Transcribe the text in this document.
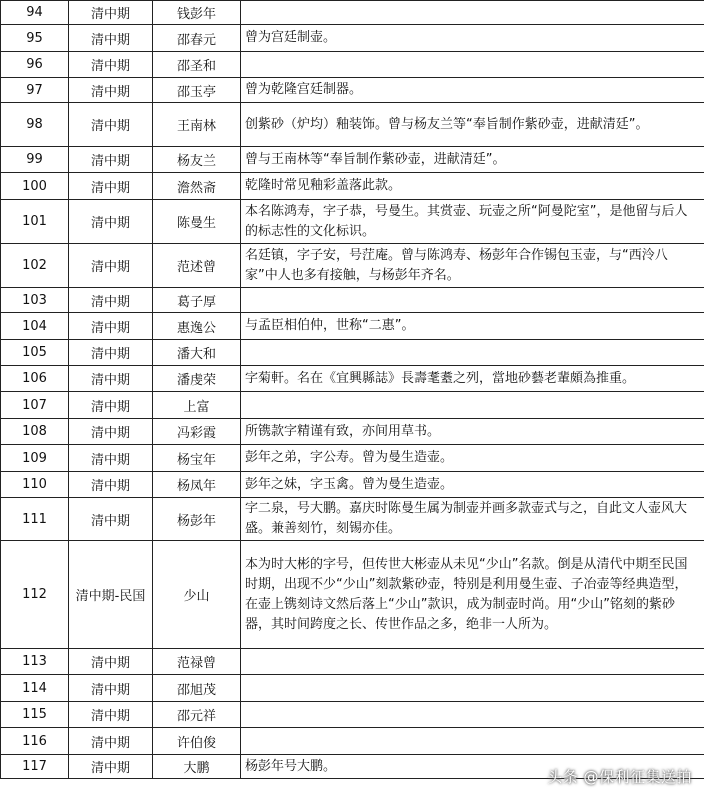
94	清中期	钱彭年	
95	清中期	邵春元	曾为宫廷制壶。
96	清中期	邵圣和	
97	清中期	邵玉亭	曾为乾隆宫廷制器。
98	清中期	王南林	创紫砂（炉均）釉装饰。曾与杨友兰等“奉旨制作紫砂壶，进献清廷”。
99	清中期	杨友兰	曾与王南林等“奉旨制作紫砂壶，进献清廷”。
100	清中期	澹然斋	乾隆时常见釉彩盖落此款。
101	清中期	陈曼生	本名陈鸿寿，字子恭，号曼生。其赏壶、玩壶之所“阿曼陀室”，是他留与后人的标志性的文化标识。
102	清中期	范述曾	名廷镇，字子安，号茳庵。曾与陈鸿寿、杨彭年合作锡包玉壶，与“西泠八家”中人也多有接触，与杨彭年齐名。
103	清中期	葛子厚	
104	清中期	惠逸公	与孟臣相伯仲，世称“二惠”。
105	清中期	潘大和	
106	清中期	潘虔荣	字菊軒。名在《宜興縣誌》長壽耄耋之列，當地砂藝老輩頗為推重。
107	清中期	上富	
108	清中期	冯彩霞	所镌款字精谨有致，亦间用草书。
109	清中期	杨宝年	彭年之弟，字公寿。曾为曼生造壶。
110	清中期	杨凤年	彭年之妹，字玉禽。曾为曼生造壶。
111	清中期	杨彭年	字二泉，号大鹏。嘉庆时陈曼生属为制壶并画多款壶式与之，自此文人壶风大盛。兼善刻竹，刻锡亦佳。
112	清中期-民国	少山	本为时大彬的字号，但传世大彬壶从未见“少山”名款。倒是从清代中期至民国时期，出现不少“少山”刻款紫砂壶，特别是利用曼生壶、子冶壶等经典造型，在壶上镌刻诗文然后落上“少山”款识，成为制壶时尚。用“少山”铭刻的紫砂器，其时间跨度之长、传世作品之多，绝非一人所为。
113	清中期	范禄曾	
114	清中期	邵旭茂	
115	清中期	邵元祥	
116	清中期	许伯俊	
117	清中期	大鹏	杨彭年号大鹏。
头条 @保利征集送拍
